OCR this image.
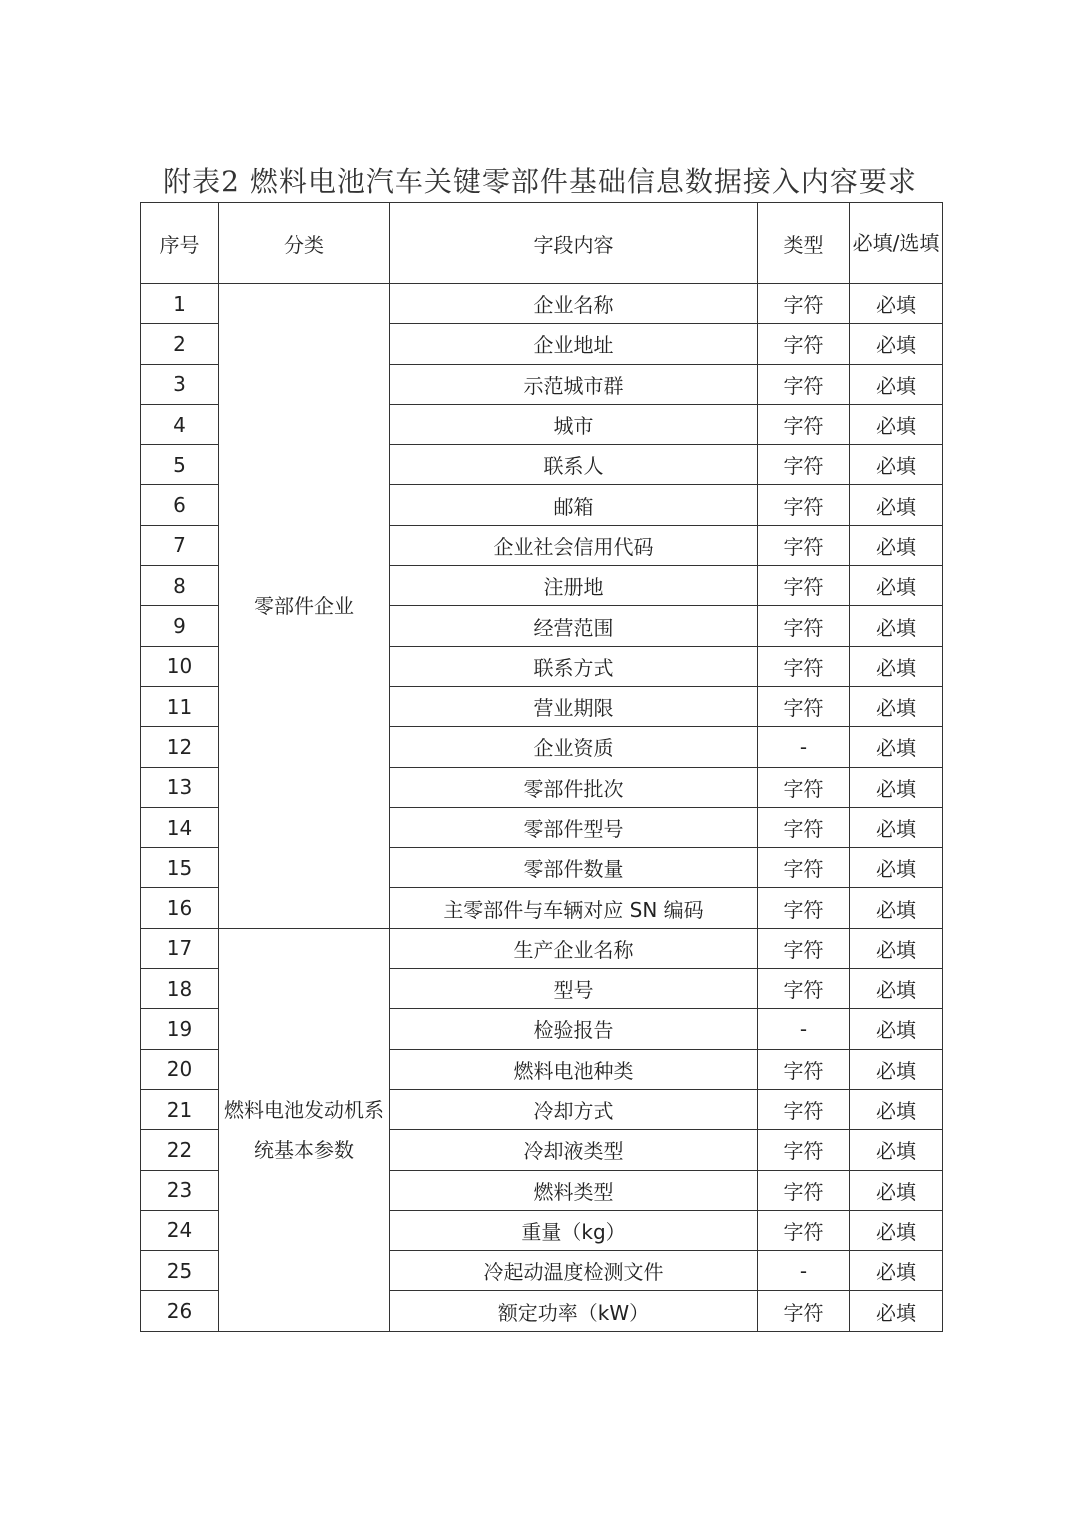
附表2 燃料电池汽车关键零部件基础信息数据接入内容要求
序号	分类	字段内容	类型	必填/选填
1	零部件企业	企业名称	字符	必填
2		企业地址	字符	必填
3		示范城市群	字符	必填
4		城市	字符	必填
5		联系人	字符	必填
6		邮箱	字符	必填
7		企业社会信用代码	字符	必填
8		注册地	字符	必填
9		经营范围	字符	必填
10		联系方式	字符	必填
11		营业期限	字符	必填
12		企业资质	-	必填
13		零部件批次	字符	必填
14		零部件型号	字符	必填
15		零部件数量	字符	必填
16		主零部件与车辆对应 SN 编码	字符	必填
17	燃料电池发动机系统基本参数	生产企业名称	字符	必填
18		型号	字符	必填
19		检验报告	-	必填
20		燃料电池种类	字符	必填
21		冷却方式	字符	必填
22		冷却液类型	字符	必填
23		燃料类型	字符	必填
24		重量（kg）	字符	必填
25		冷起动温度检测文件	-	必填
26		额定功率（kW）	字符	必填
